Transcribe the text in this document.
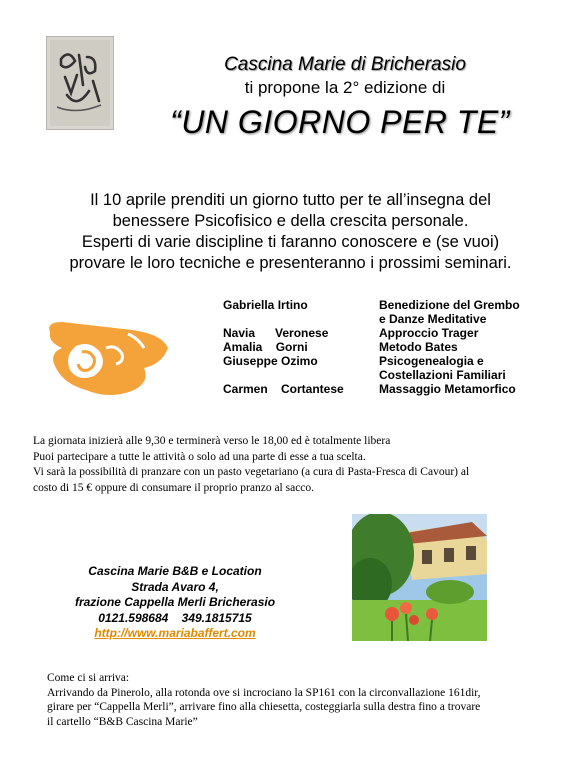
Cascina Marie di Bricherasio
ti propone la 2° edizione di
“UN GIORNO PER TE”
Il 10 aprile prenditi un giorno tutto per te all’insegna del
benessere Psicofisico e della crescita personale.
Esperti di varie discipline ti faranno conoscere e (se vuoi)
provare le loro tecniche e presenteranno i prossimi seminari.
Gabriella Irtino	Benedizione del Grembo
e Danze Meditative
Navia      Veronese	Approccio Trager
Amalia    Gorni	Metodo Bates
Giuseppe Ozimo	Psicogenealogia e
Costellazioni Familiari
Carmen    Cortantese	Massaggio Metamorfico
La giornata inizierà alle 9,30 e terminerà verso le 18,00 ed è totalmente libera
Puoi partecipare a tutte le attività o solo ad una parte di esse a tua scelta.
Vi sarà la possibilità di pranzare con un pasto vegetariano (a cura di Pasta-Fresca di Cavour) al
costo di 15 € oppure di consumare il proprio pranzo al sacco.
Cascina Marie B&B e Location
Strada Avaro 4,
frazione Cappella Merli Bricherasio
0121.598684    349.1815715
http://www.mariabaffert.com
Come ci si arriva:
Arrivando da Pinerolo, alla rotonda ove si incrociano la SP161 con la circonvallazione 161dir,
girare per “Cappella Merli”, arrivare fino alla chiesetta, costeggiarla sulla destra fino a trovare
il cartello “B&B Cascina Marie”
